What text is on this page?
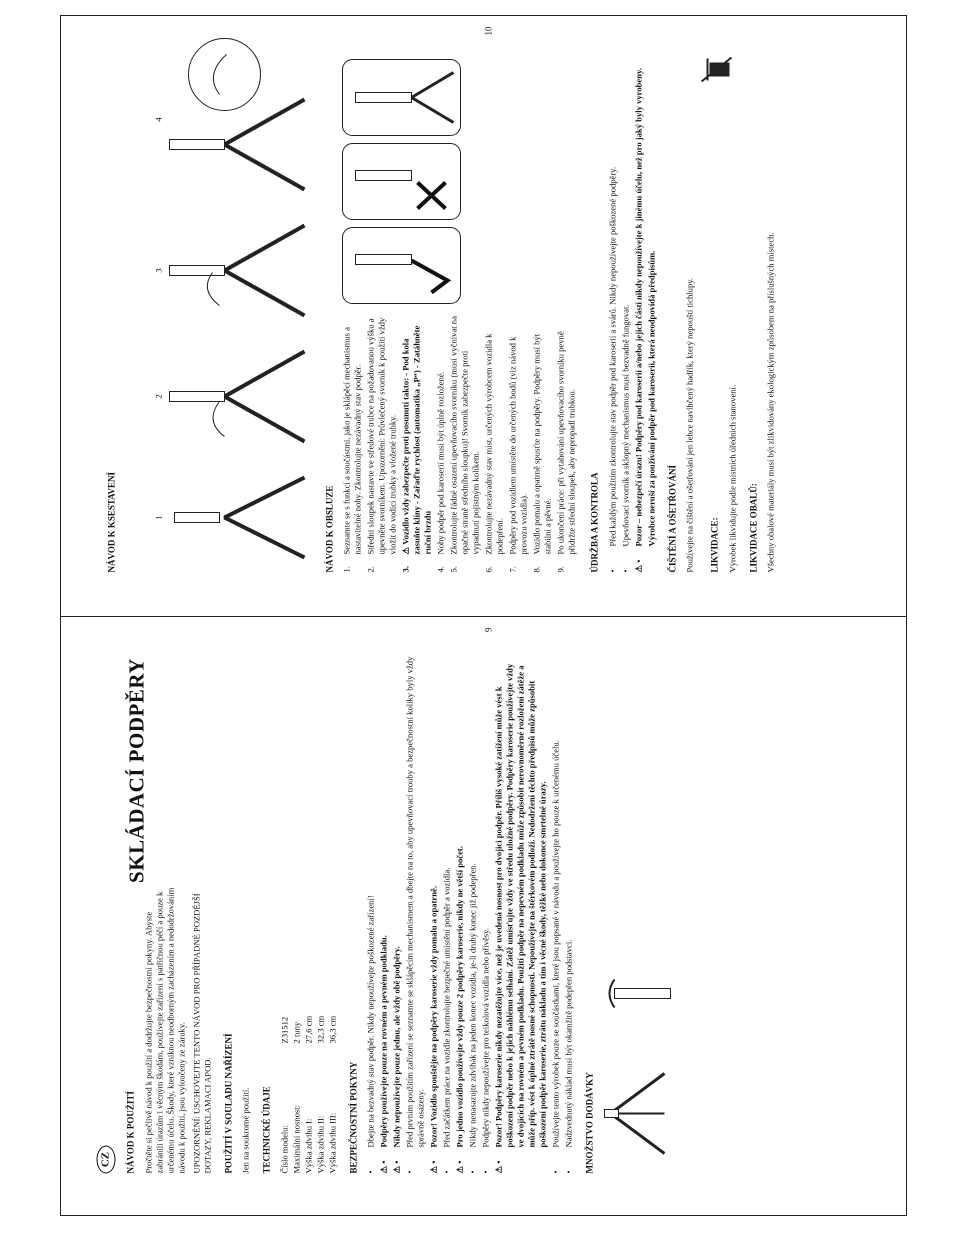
CZ	NÁVOD K POUŽITÍ Pročtěte si pečlivě návod k použití a dodržujte bezpečnostní pokyny. Abyste zabránili úrazům i věcným škodám, používejte zařízení s patřičnou péčí a pouze k určenému účelu. Škody, které vzniknou neodborným zacházením a nedodržováním návodu k použití, jsou vyloučeny ze záruky. UPOZORNĚNÍ: USCHOVEJTE TENTO NÁVOD PRO PŘÍPADNÉ POZDĚJŠÍ DOTAZY, REKLAMACI APOD. POUŽITÍ V SOULADU NAŘÍZENÍ Jen na soukromé použití. TECHNICKÉ ÚDAJE Číslo modelu:
Z31512
Maximální nosnost:
2 tuny
Výška zdvihu I:
27,6 cm
Výška zdvihu II:
32,3 cm
Výška zdvihu III:
36,3 cm
SKLÁDACÍ PODPĚRY
BEZPEČNOSTNÍ POKYNY •
Dbejte na bezvadný stav podpěr. Nikdy nepoužívejte poškozené zařízení!
⚠ •
Podpěry používejte pouze na rovném a pevném podkladu.
⚠ •
Nikdy nepoužívejte pouze jednu, ale vždy obě podpěry.
•
Před prvním použitím zařízení se seznamte se sklápěcím mechanismem a dbejte na to, aby upevňovací trouby a bezpečnostní kolíky byly vždy správně osazeny.
⚠ •
Pozor! Vozidlo spouštějte na podpěry karoserie vždy pomalu a opatrně.
•
Před začátkem práce na vozidle zkontrolujte bezpečné umístění podpěr a vozidla.
⚠ •
Pro jedno vozidlo používejte vždy pouze 2 podpěry karoserie, nikdy ne větší počet.
•
Nikdy nenasazujte zdvihák na jeden konec vozidla, je-li druhý konec již podepřen.
•
Podpěry nikdy nepoužívejte pro teikolová vozidla nebo přívěsy.
⚠ •
Pozor! Podpěry karoserie nikdy nezatěžujte více, než je uvedená nosnost pro dvojici podpěr. Příliš vysoké zatížení může vést k poškození podpěr nebo k jejich náhlému selhání. Zátěž umísťujte vždy ve středu uložné podpěry. Podpěry karoserie používejte vždy ve dvojicích na rovném a pevném podkladu. Použití podpěr na nepevném podkladu může způsobit nerovnoměrné rozložení zátěže a může příp. vést k úplné ztrátě nosné schopnosti. Nepoužívejte na štěrkovém podloží. Nedodržení těchto předpisů může způsobit poškození podpěr karoserie, ztrátu nákladu a tím i věcné škody, těžké nebo dokonce smrtelné úrazy.
•
Používejte tento výrobek pouze se součástkami, které jsou popsané v návodu a používejte ho pouze k určenému účelu.
•
Nadzvednutý náklad musí být okamžitě podepřen podstavci. MNOŽSTVO DODÁVKY
9
NÁVOD K KSESTAVENÍ	1
2
3
4
NÁVOD K OBSLUZE 1.
Seznamte se s funkcí a součástmi, jako je sklápěcí mechanismus a nastavitelné nohy. Zkontrolujte nezávadný stav podpěr.
2.
Středni sloupek nastavte ve středové trubce na požadovanou výšku a upevněte svorníkem. Upozornění: Průvlečený svorník k použití vždy vložit do vodicí trubky a vložené trubky.
3.
⚠ Vozidlo vždy zabezpečte proti posunutí takto: - Pod kola zasuňte klíny - Zařaďte rychlost (automatika „P“) - Zatáhněte ruční brzdu
4.
Nohy podpěr pod karoserií musí být úplně rozložené.
5.
Zkontrolujte řádné osazení upevňovacího svorníku (musí vyčnívat na opačné straně středního sloupku)! Svorník zabezpečte proti vypadnutí pojistným kolíkem.
6.
Zkontrolujte nezávadný stav míst, určených výrobcem vozidla k podepření.
7.
Podpěry pod vozidlem umístěte do určených bodů (viz návod k provozu vozidla).
8.
Vozidlo pomalu a opatrně spusťte na podpěry. Podpěry musí být stabilní a pěvné.
9.
Po ukončení práce: při vytahování upevňovacího svorníku pevně přidržte střední sloupek, aby nepropadl trubkou. ÚDRŽBA A KONTROLA •
Před každým použitím zkontrolujte stav podpěr pod karoserií a svárů. Nikdy nepoužívejte poškozené podpěry.
•
Upevňovací svorník a sklopný mechanismus musí bezvadně fungovat.
⚠ •
Pozor – nebezpečí úrazu! Podpěry pod karoserií a/nebo jejich části nikdy nepoužívejte k jinému účelu, než pro jaký byly vyrobeny. Výrobce neruší za používání podpěr pod karoserii, která neodpovídá předpisům. ČIŠTĚNÍ A OŠETŘOVÁNÍ Používejte na čištění a ošetřování jen lehce navlhčený hadřík, který nepouští tichlupy. LIKVIDACE: Výrobek likvidujte podle místních úředních stanovení. LIKVIDACE OBALŮ: Všechny obalové materiály musí být zlikvidovány ekologickým způsobem na příslušných místech.

10
